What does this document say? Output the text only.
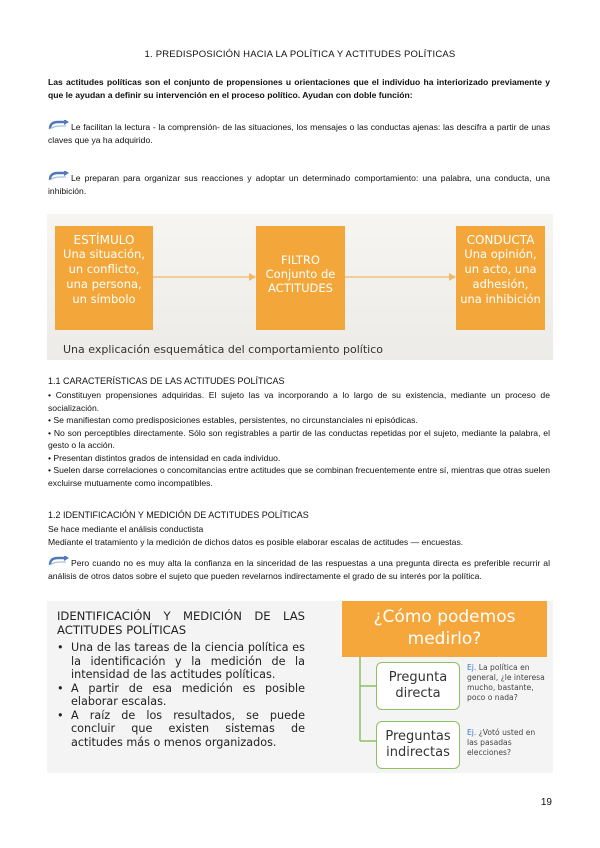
1. PREDISPOSICIÓN HACIA LA POLÍTICA Y ACTITUDES POLÍTICAS
Las actitudes políticas son el conjunto de propensiones u orientaciones que el individuo ha interiorizado previamente y que le ayudan a definir su intervención en el proceso político. Ayudan con doble función:
Le facilitan la lectura - la comprensión- de las situaciones, los mensajes o las conductas ajenas: las descifra a partir de unas claves que ya ha adquirido.
Le preparan para organizar sus reacciones y adoptar un determinado comportamiento: una palabra, una conducta, una inhibición.
ESTÍMULO
Una situación, un conflicto, una persona, un símbolo
FILTRO
Conjunto de ACTITUDES
CONDUCTA
Una opinión, un acto, una adhesión, una inhibición
Una explicación esquemática del comportamiento político
1.1 CARACTERÍSTICAS DE LAS ACTITUDES POLÍTICAS
• Constituyen propensiones adquiridas. El sujeto las va incorporando a lo largo de su existencia, mediante un proceso de socialización.
• Se manifiestan como predisposiciones estables, persistentes, no circunstanciales ni episódicas.
• No son perceptibles directamente. Sólo son registrables a partir de las conductas repetidas por el sujeto, mediante la palabra, el gesto o la acción.
• Presentan distintos grados de intensidad en cada individuo.
• Suelen darse correlaciones o concomitancias entre actitudes que se combinan frecuentemente entre sí, mientras que otras suelen excluirse mutuamente como incompatibles.
1.2 IDENTIFICACIÓN Y MEDICIÓN DE ACTITUDES POLÍTICAS
Se hace mediante el análisis conductista
Mediante el tratamiento y la medición de dichos datos es posible elaborar escalas de actitudes — encuestas.
Pero cuando no es muy alta la confianza en la sinceridad de las respuestas a una pregunta directa es preferible recurrir al análisis de otros datos sobre el sujeto que pueden revelarnos indirectamente el grado de su interés por la política.
IDENTIFICACIÓN Y MEDICIÓN DE LAS ACTITUDES POLÍTICAS
• Una de las tareas de la ciencia política es la identificación y la medición de la intensidad de las actitudes políticas.
• A partir de esa medición es posible elaborar escalas.
• A raíz de los resultados, se puede concluir que existen sistemas de actitudes más o menos organizados.
¿Cómo podemos medirlo?
Pregunta directa
Ej. La política en general, ¿le interesa mucho, bastante, poco o nada?
Preguntas indirectas
Ej. ¿Votó usted en las pasadas elecciones?
19
